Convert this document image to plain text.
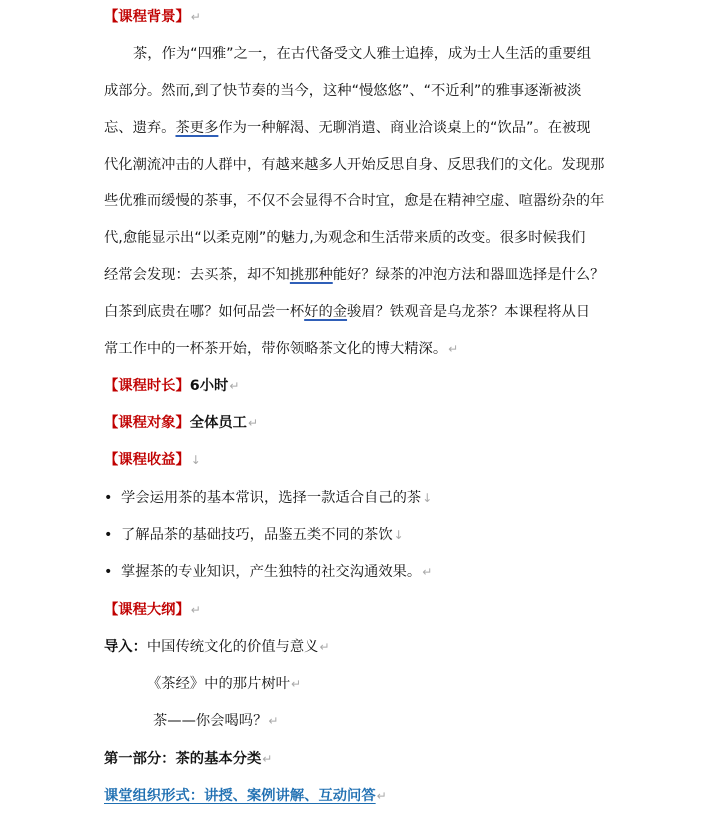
【课程背景】↵
茶，作为“四雅”之一，在古代备受文人雅士追捧，成为士人生活的重要组
成部分。然而,到了快节奏的当今，这种“慢悠悠”、“不近利”的雅事逐渐被淡
忘、遗弃。茶更多作为一种解渴、无聊消遣、商业洽谈桌上的“饮品”。在被现
代化潮流冲击的人群中，有越来越多人开始反思自身、反思我们的文化。发现那
些优雅而缓慢的茶事，不仅不会显得不合时宜，愈是在精神空虚、喧嚣纷杂的年
代,愈能显示出“以柔克刚”的魅力,为观念和生活带来质的改变。很多时候我们
经常会发现：去买茶，却不知挑那种能好？绿茶的冲泡方法和器皿选择是什么？
白茶到底贵在哪？如何品尝一杯好的金骏眉？铁观音是乌龙茶？本课程将从日
常工作中的一杯茶开始，带你领略茶文化的博大精深。↵
【课程时长】6小时↵
【课程对象】全体员工↵
【课程收益】↓
• 学会运用茶的基本常识，选择一款适合自己的茶↓
• 了解品茶的基础技巧，品鉴五类不同的茶饮↓
• 掌握茶的专业知识，产生独特的社交沟通效果。↵
【课程大纲】↵
导入：中国传统文化的价值与意义↵
《茶经》中的那片树叶↵
茶——你会喝吗？↵
第一部分：茶的基本分类↵
课堂组织形式：讲授、案例讲解、互动问答↵
